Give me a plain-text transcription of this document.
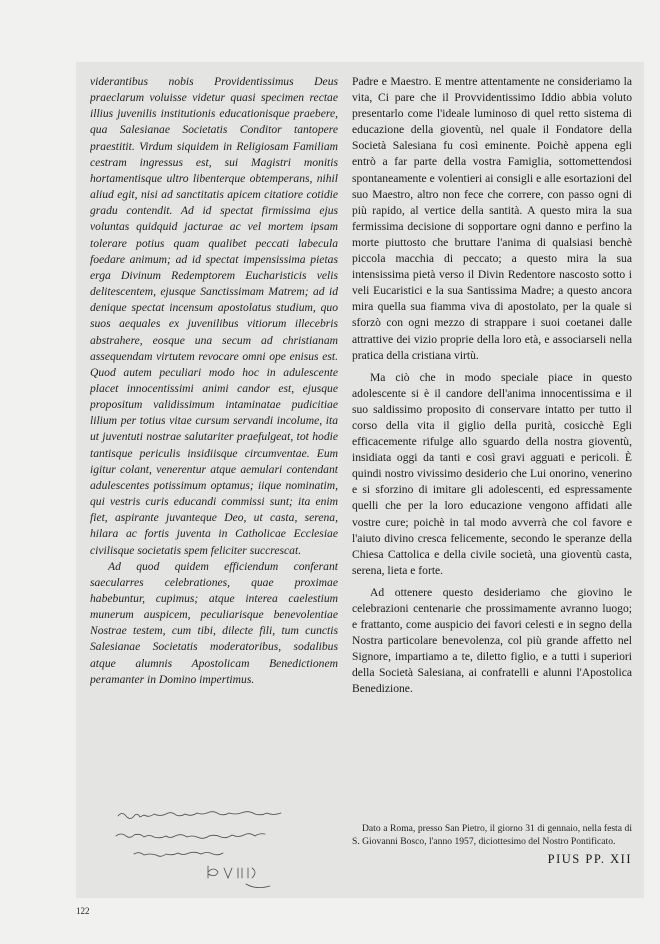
viderantibus nobis Providentissimus Deus praeclarum voluisse videtur quasi specimen rectae illius juvenilis institutionis educationisque praebere, qua Salesianae Societatis Conditor tantopere praestitit. Virdum siquidem in Religiosam Familiam cestram ingressus est, sui Magistri monitis hortamentisque ultro libenterque obtemperans, nihil aliud egit, nisi ad sanctitatis apicem citatiore cotidie gradu contendit. Ad id spectat firmissima ejus voluntas quidquid jacturae ac vel mortem ipsam tolerare potius quam qualibet peccati labecula foedare animum; ad id spectat impensissima pietas erga Divinum Redemptorem Eucharisticis velis delitescentem, ejusque Sanctissimam Matrem; ad id denique spectat incensum apostolatus studium, quo suos aequales ex juvenilibus vitiorum illecebris abstrahere, eosque una secum ad christianam assequendam virtutem revocare omni ope enisus est. Quod autem peculiari modo hoc in adulescente placet innocentissimi animi candor est, ejusque propositum validissimum intaminatae pudicitiae lilium per totius vitae cursum servandi incolume, ita ut juventuti nostrae salutariter praefulgeat, tot hodie tantisque periculis insidiisque circumventae. Eum igitur colant, venerentur atque aemulari contendant adulescentes potissimum optamus; iique nominatim, qui vestris curis educandi commissi sunt; ita enim fiet, aspirante juvanteque Deo, ut casta, serena, hilara ac fortis juventa in Catholicae Ecclesiae civilisque societatis spem feliciter succrescat.

Ad quod quidem efficiendum conferant saecularres celebrationes, quae proximae habebuntur, cupimus; atque interea caelestium munerum auspicem, peculiarisque benevolentiae Nostrae testem, cum tibi, dilecte fili, tum cunctis Salesianae Societatis moderatoribus, sodalibus atque alumnis Apostolicam Benedictionem peramanter in Domino impertimus.

Padre e Maestro. E mentre attentamente ne consideriamo la vita, Ci pare che il Provvidentissimo Iddio abbia voluto presentarlo come l'ideale luminoso di quel retto sistema di educazione della gioventù, nel quale il Fondatore della Società Salesiana fu così eminente. Poichè appena egli entrò a far parte della vostra Famiglia, sottomettendosi spontaneamente e volentieri ai consigli e alle esortazioni del suo Maestro, altro non fece che correre, con passo ogni di più rapido, al vertice della santità. A questo mira la sua fermissima decisione di sopportare ogni danno e perfino la morte piuttosto che bruttare l'anima di qualsiasi benchè piccola macchia di peccato; a questo mira la sua intensissima pietà verso il Divin Redentore nascosto sotto i veli Eucaristici e la sua Santissima Madre; a questo ancora mira quella sua fiamma viva di apostolato, per la quale si sforzò con ogni mezzo di strappare i suoi coetanei dalle attrattive dei vizio proprie della loro età, e associarseli nella pratica della cristiana virtù.

Ma ciò che in modo speciale piace in questo adolescente si è il candore dell'anima innocentissima e il suo saldissimo proposito di conservare intatto per tutto il corso della vita il giglio della purità, cosicchè Egli efficacemente rifulge allo sguardo della nostra gioventù, insidiata oggi da tanti e così gravi agguati e pericoli. È quindi nostro vivissimo desiderio che Lui onorino, venerino e si sforzino di imitare gli adolescenti, ed espressamente quelli che per la loro educazione vengono affidati alle vostre cure; poichè in tal modo avverrà che col favore e l'aiuto divino cresca felicemente, secondo le speranze della Chiesa Cattolica e della civile società, una gioventù casta, serena, lieta e forte.

Ad ottenere questo desideriamo che giovino le celebrazioni centenarie che prossimamente avranno luogo; e frattanto, come auspicio dei favori celesti e in segno della Nostra particolare benevolenza, col più grande affetto nel Signore, impartiamo a te, diletto figlio, e a tutti i superiori della Società Salesiana, ai confratelli e alunni l'Apostolica Benedizione.

Dato a Roma, presso San Pietro, il giorno 31 di gennaio, nella festa di S. Giovanni Bosco, l'anno 1957, diciottesimo del Nostro Pontificato.
PIUS PP. XII
122
